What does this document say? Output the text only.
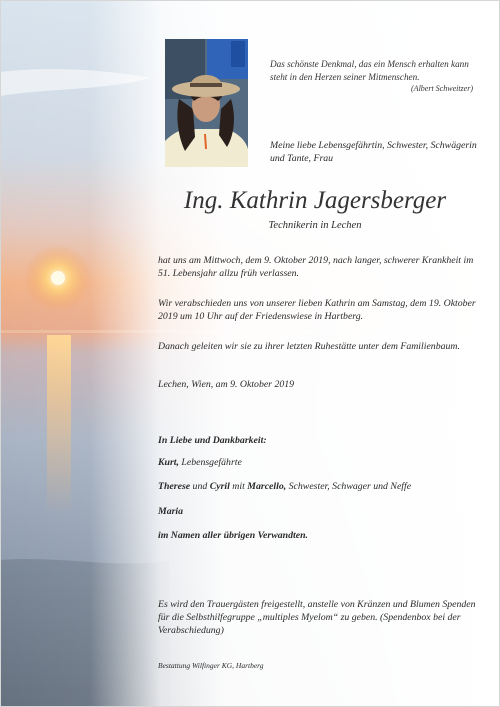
Das schönste Denkmal, das ein Mensch erhalten kann steht in den Herzen seiner Mitmenschen.
(Albert Schweitzer)
Meine liebe Lebensgefährtin, Schwester, Schwägerin und Tante, Frau
Ing. Kathrin Jagersberger
Technikerin in Lechen

hat uns am Mittwoch, dem 9. Oktober 2019, nach langer, schwerer Krankheit im 51. Lebensjahr allzu früh verlassen.

Wir verabschieden uns von unserer lieben Kathrin am Samstag, dem 19. Oktober 2019 um 10 Uhr auf der Friedenswiese in Hartberg.

Danach geleiten wir sie zu ihrer letzten Ruhestätte unter dem Familienbaum.

Lechen, Wien, am 9. Oktober 2019

In Liebe und Dankbarkeit:

Kurt, Lebensgefährte

Therese und Cyril mit Marcello, Schwester, Schwager und Neffe

Maria

im Namen aller übrigen Verwandten.

Es wird den Trauergästen freigestellt, anstelle von Kränzen und Blumen Spenden für die Selbsthilfegruppe „multiples Myelom“ zu geben. (Spendenbox bei der Verabschiedung)

Bestattung Wilfinger KG, Hartberg
